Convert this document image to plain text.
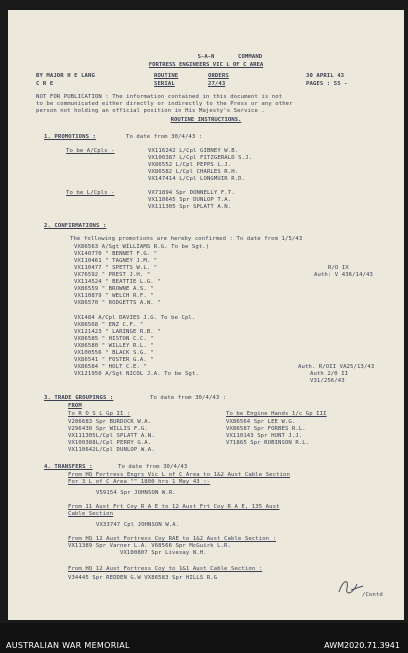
S-A-N	COMMAND
FORTRESS ENGINEERS VIC L OF C AREA
BY MAJOR H E LANG
C R E
ROUTINE	ORDERS
SERIAL	27/43
30 APRIL 43
PAGES : 55 -
NOT FOR PUBLICATION : The information contained in this document is not
to be communicated either directly or indirectly to the Press or any other
person not holding an official position in His Majesty's Service .
ROUTINE INSTRUCTIONS.
1. PROMOTIONS :	To date from 30/4/43 :
To be A/Cpls -	VX116242 L/Cpl GIBNEY W.B.
VX100387 L/Cpl FITZGERALD S.J.
VX86552 L/Cpl PEPPS L.J.
VX86582 L/Cpl CHARLES R.H.
VX147414 L/Cpl LONGMUIR R.D.
To be L/Cpls -	VX71894 Spr DONNELLY F.T.
VX110645 Spr DUNLOP T.A.
VX111305 Spr SPLATT A.N.
2. CONFIRMATIONS :
The following promotions are hereby confirmed : To date from 1/5/43
VX86563 A/Sgt WILLIAMS R.G. To be Sgt.)
VX140770 " BENNET F.G. "
VX110461 " TAGNEY J.M. "
VX110477 " SPETTS W.L. "
VX76592 " PREST J.H. "
VX114524 " BEATTIE L.G. "
VX86559 " BROWNE A.S. "
VX110879 " WELCH R.F. "
VX86570 " RODGETTS A.W. "
R/O IX
Auth: V 436/14/43
VX1484 A/Cpl DAVIES J.G. To be Cpl.
VX86568 " ENZ C.F. "
VX121423 " LARINGE R.B. "
VX86585 " HISTON C.C. "
VX86580 " WILLEY R.L. "
VX100556 " BLACK S.G. "
VX86541 " FOSTER G.A. "
VX86584 " HOLT C.E. "
VX121950 A/Sgt NICOL J.A. To be Sgt.
Auth. R/OII VA25/13/43
Auth 2/0 II
V31/256/43
3. TRADE GROUPINGS :	To date from 30/4/43 :
FROM
To R O S L Gp II :	To be Engine Hands 1/c Gp III
V286683 Spr BURDOCK W.A.
V296430 Spr WILLIS F.G.
VX111305L/Cpl SPLATT A.N.
VX100388L/Cpl PERRY G.A.
VX110642L/Cpl DUNLOP W.A.
VX86564 Spr LEE W.G.
VX86587 Spr FORBES R.L.
VX110143 Spr HUNT J.J.
V71865 Spr ROBINSON R.L.
4. TRANSFERS :	To date from 30/4/43
From HQ Fortress Engrs Vic L of C Area to 1&2 Aust Cable Section
For 3 L of C Area "" 1800 hrs 1 May 43 :-
V59154 Spr JOHNSON W.R.
From 11 Aust Frt Coy R A E to 12 Aust Frt Coy R A E, 135 Aust
Cable Section
VX33747 Cpl JOHNSON W.A.
From HQ 12 Aust Fortress Coy RAE to 1&2 Aust Cable Section :
VX11389 Spr Varner L.A. V68566 Spr McGuirk L.R.
VX100807 Spr Livesay N.H.
From HQ 12 Aust Fortress Coy to 1&1 Aust Cable Section :
V34445 Spr REDDEN G.W VX86583 Spr HILLS R.G
/Contd
AUSTRALIAN WAR MEMORIAL	AWM2020.71.3941
